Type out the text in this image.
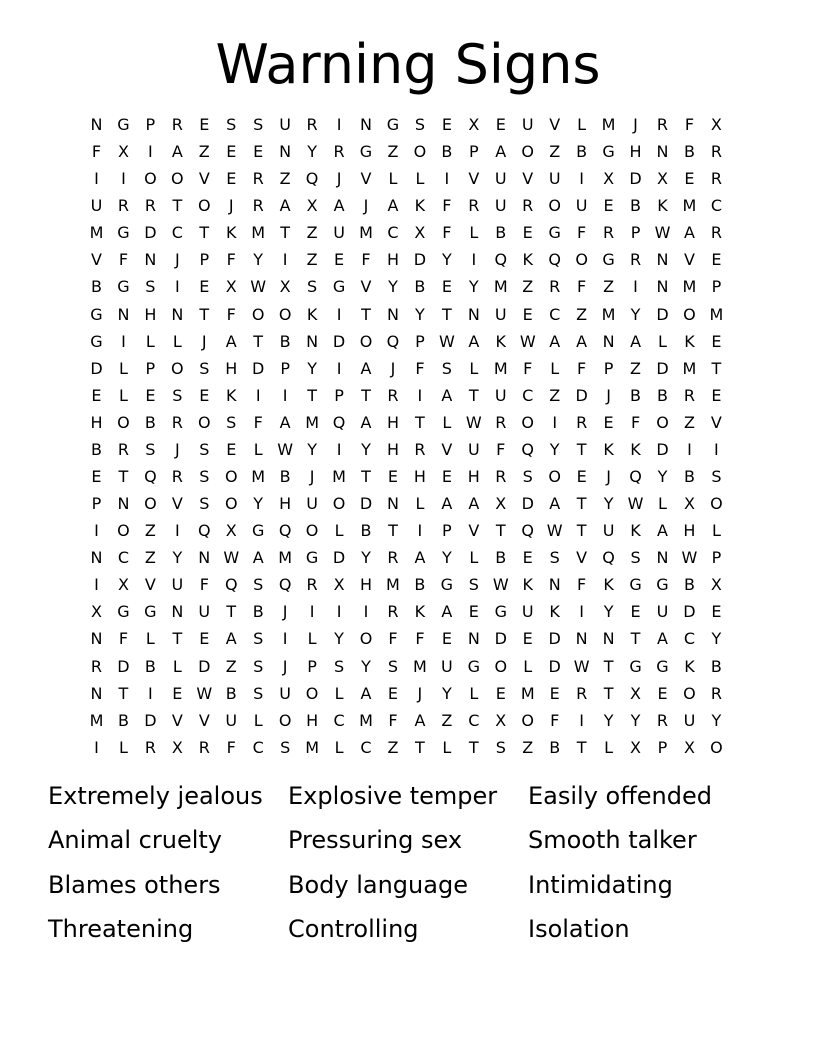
Warning Signs
N G P	R	E	S	S	U R	I	N G S	E	X	E	U V	L M	J	R	F	X
F	X	I	A Z	E	E N	Y	R G Z O B	P	A O Z B G H N B R
I	I	O O V	E	R Z Q	J	V	L	L	I	V U V U	I	X D X	E	R
U R R	T O	J	R A X	A	J	A	K	F	R U R O U	E	B	K M C
M G D C	T	K M T	Z U M C X	F	L	B	E G	F	R	P W A R
V	F	N	J	P	F	Y	I	Z	E	F	H D Y	I	Q K Q O G R N V	E
B G S	I	E	X W X	S G V	Y	B	E	Y M Z R	F	Z	I	N M P
G N H N	T	F	O O K	I	T	N	Y	T	N U	E	C Z M Y D O M
G	I	L	L	J	A	T	B N D O Q P W A	K W A	A N A	L	K	E
D	L	P O S H D P	Y	I	A	J	F	S	L M F	L	F	P	Z D M T
E	L	E	S	E	K	I	I	T	P	T	R	I	A	T	U C Z D	J	B B R	E
H O B R O S	F	A M Q A H	T	L W R O	I	R	E	F	O Z	V
B R	S	J	S	E	L W Y	I	Y	H R V U	F	Q Y	T	K	K D	I	I
E	T Q R	S O M B	J	M T	E H E H R	S O E	J	Q Y	B	S
P	N O V	S O Y	H U O D N	L	A	A X D A	T	Y W L	X O
I	O Z	I	Q X G Q O	L	B	T	I	P	V	T Q W T	U K	A H	L
N C Z	Y	N W A M G D Y	R A	Y	L	B	E	S	V Q S N W P
I	X	V U	F	Q S Q R X H M B G S W K N	F	K G G B X
X G G N U	T	B	J	I	I	I	R	K	A	E G U K	I	Y	E	U D E
N	F	L	T	E	A	S	I	L	Y O	F	F	E N D E D N N	T	A C	Y
R D B	L	D Z	S	J	P	S	Y	S M U G O	L	D W T G G K	B
N	T	I	E W B	S	U O	L	A	E	J	Y	L	E M E	R	T	X	E O R
M B D V	V U	L	O H C M F	A Z C X O	F	I	Y	Y	R U	Y
I	L	R X R	F	C	S M L	C Z	T	L	T	S	Z B	T	L	X	P	X O
Extremely jealous	Explosive temper	Easily offended
Animal cruelty	Pressuring sex	Smooth talker
Blames others	Body language	Intimidating
Threatening	Controlling	Isolation
